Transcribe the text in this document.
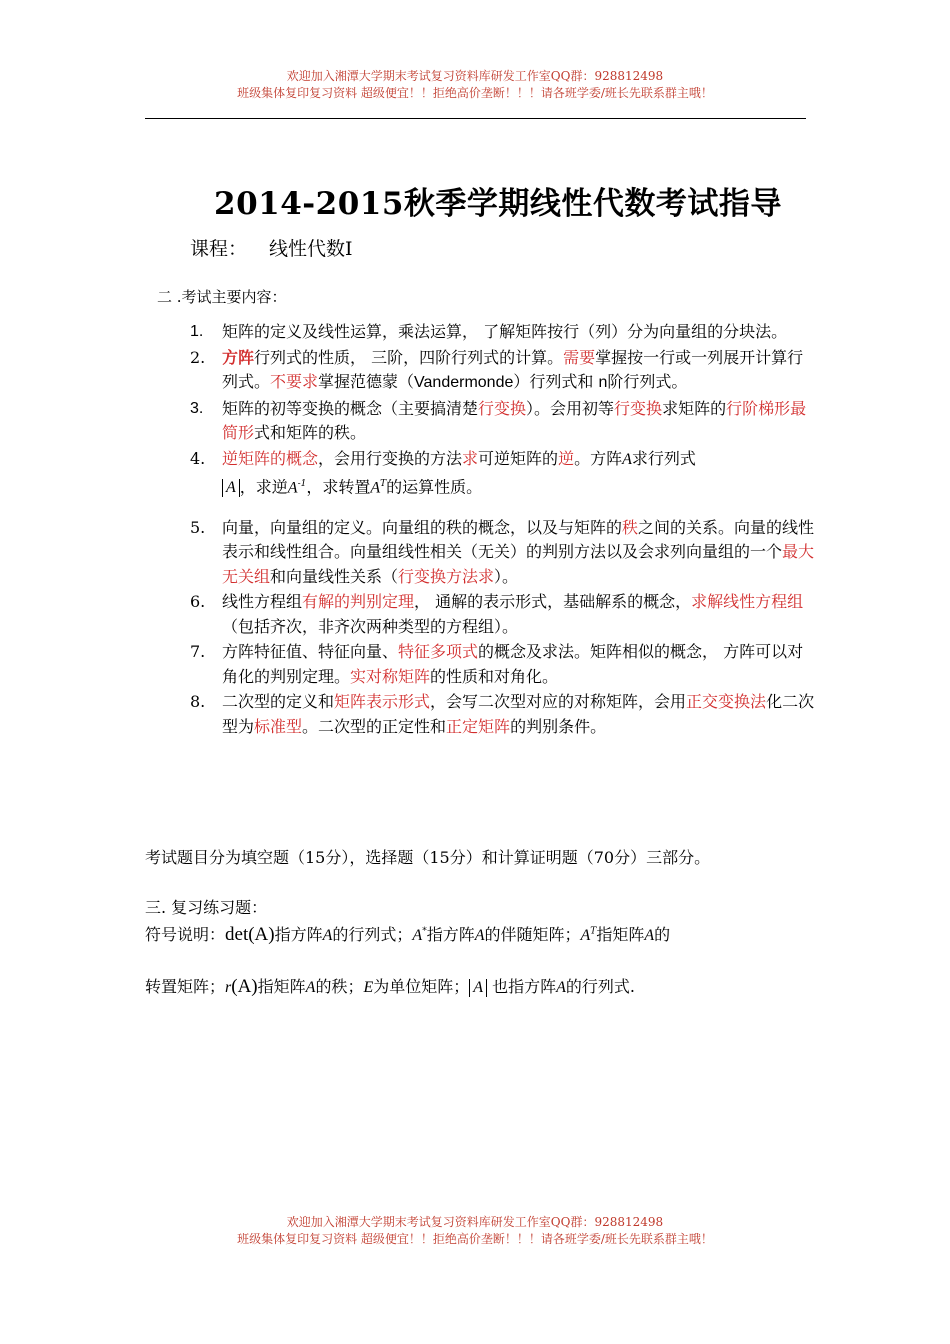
欢迎加入湘潭大学期末考试复习资料库研发工作室QQ群：928812498
班级集体复印复习资料 超级便宜！！拒绝高价垄断！！！请各班学委/班长先联系群主哦！
2014-2015秋季学期线性代数考试指导
课程： 线性代数Ⅰ
二 .考试主要内容：
1. 矩阵的定义及线性运算，乘法运算， 了解矩阵按行（列）分为向量组的分块法。
2. 方阵行列式的性质， 三阶，四阶行列式的计算。需要掌握按一行或一列展开计算行列式。不要求掌握范德蒙（Vandermonde）行列式和 n阶行列式。
3. 矩阵的初等变换的概念（主要搞清楚行变换）。会用初等行变换求矩阵的行阶梯形最简形式和矩阵的秩。
4. 逆矩阵的概念，会用行变换的方法求可逆矩阵的逆。方阵A求行列式
A ，求逆$A^{-1}$，求转置$A^T$的运算性质。
5. 向量，向量组的定义。向量组的秩的概念，以及与矩阵的秩之间的关系。向量的线性表示和线性组合。向量组线性相关（无关）的判别方法以及会求列向量组的一个最大无关组和向量线性关系（行变换方法求）。
6. 线性方程组有解的判别定理， 通解的表示形式，基础解系的概念，求解线性方程组（包括齐次，非齐次两种类型的方程组）。
7. 方阵特征值、特征向量、特征多项式的概念及求法。矩阵相似的概念， 方阵可以对角化的判别定理。实对称矩阵的性质和对角化。
8. 二次型的定义和矩阵表示形式，会写二次型对应的对称矩阵，会用正交变换法化二次型为标准型。二次型的正定性和正定矩阵的判别条件。
考试题目分为填空题（15分），选择题（15分）和计算证明题（70分）三部分。
三. 复习练习题：
符号说明：det(A)指方阵A的行列式；A*指方阵A的伴随矩阵；$A^T$指矩阵A的
转置矩阵；r(A)指矩阵A的秩；E为单位矩阵； A 也指方阵A的行列式.
欢迎加入湘潭大学期末考试复习资料库研发工作室QQ群：928812498
班级集体复印复习资料 超级便宜！！拒绝高价垄断！！！请各班学委/班长先联系群主哦！
